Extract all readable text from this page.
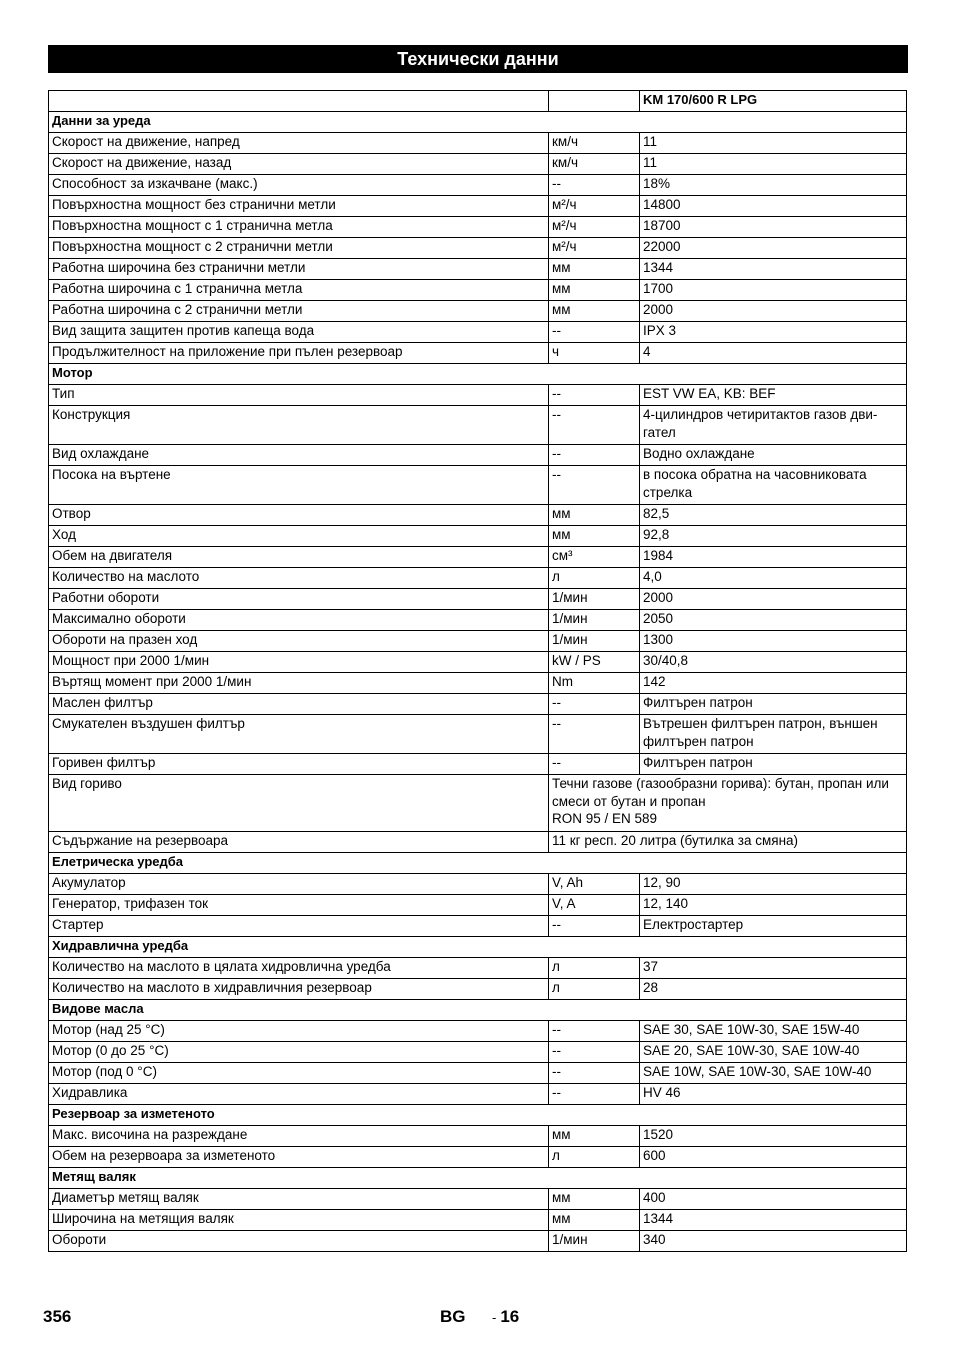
Технически данни
		KM 170/600 R LPG
Данни за уреда		
Скорост на движение, напред	км/ч	11
Скорост на движение, назад	км/ч	11
Способност за изкачване (макс.)	--	18%
Повърхностна мощност без странични метли	м²/ч	14800
Повърхностна мощност с 1 странична метла	м²/ч	18700
Повърхностна мощност с 2 странични метли	м²/ч	22000
Работна широчина без странични метли	мм	1344
Работна широчина с 1 странична метла	мм	1700
Работна широчина с 2 странични метли	мм	2000
Вид защита защитен против капеща вода	--	IPX 3
Продължителност на приложение при пълен резервоар	ч	4
Мотор		
Тип	--	EST VW EA, KB: BEF
Конструкция	--	4-цилиндров четиритактов газов дви-гател
Вид охлаждане	--	Водно охлаждане
Посока на въртене	--	в посока обратна на часовниковата стрелка
Отвор	мм	82,5
Ход	мм	92,8
Обем на двигателя	см³	1984
Количество на маслото	л	4,0
Работни обороти	1/мин	2000
Максимално обороти	1/мин	2050
Обороти на празен ход	1/мин	1300
Мощност при 2000 1/мин	kW / PS	30/40,8
Въртящ момент при 2000 1/мин	Nm	142
Маслен филтър	--	Филтърен патрон
Смукателен въздушен филтър	--	Вътрешен филтърен патрон, външен филтърен патрон
Горивен филтър	--	Филтърен патрон
Вид гориво	Течни газове (газообразни горива): бутан, пропан или смеси от бутан и пропан
RON 95 / EN 589	
Съдържание на резервоара	11 кг респ. 20 литра (бутилка за смяна)	
Елетрическа уредба		
Акумулатор	V, Ah	12, 90
Генератор, трифазен ток	V, A	12, 140
Стартер	--	Електростартер
Хидравлична уредба		
Количество на маслото в цялата хидровлична уредба	л	37
Количество на маслото в хидравличния резервоар	л	28
Видове масла		
Мотор (над 25 °C)	--	SAE 30, SAE 10W-30, SAE 15W-40
Мотор (0 до 25 °C)	--	SAE 20, SAE 10W-30, SAE 10W-40
Мотор (под 0 °C)	--	SAE 10W, SAE 10W-30, SAE 10W-40
Хидравлика	--	HV 46
Резервоар за изметеното		
Макс. височина на разреждане	мм	1520
Обем на резервоара за изметеното	л	600
Метящ валяк		
Диаметър метящ валяк	мм	400
Широчина на метящия валяк	мм	1344
Обороти	1/мин	340
356	BG - 16
